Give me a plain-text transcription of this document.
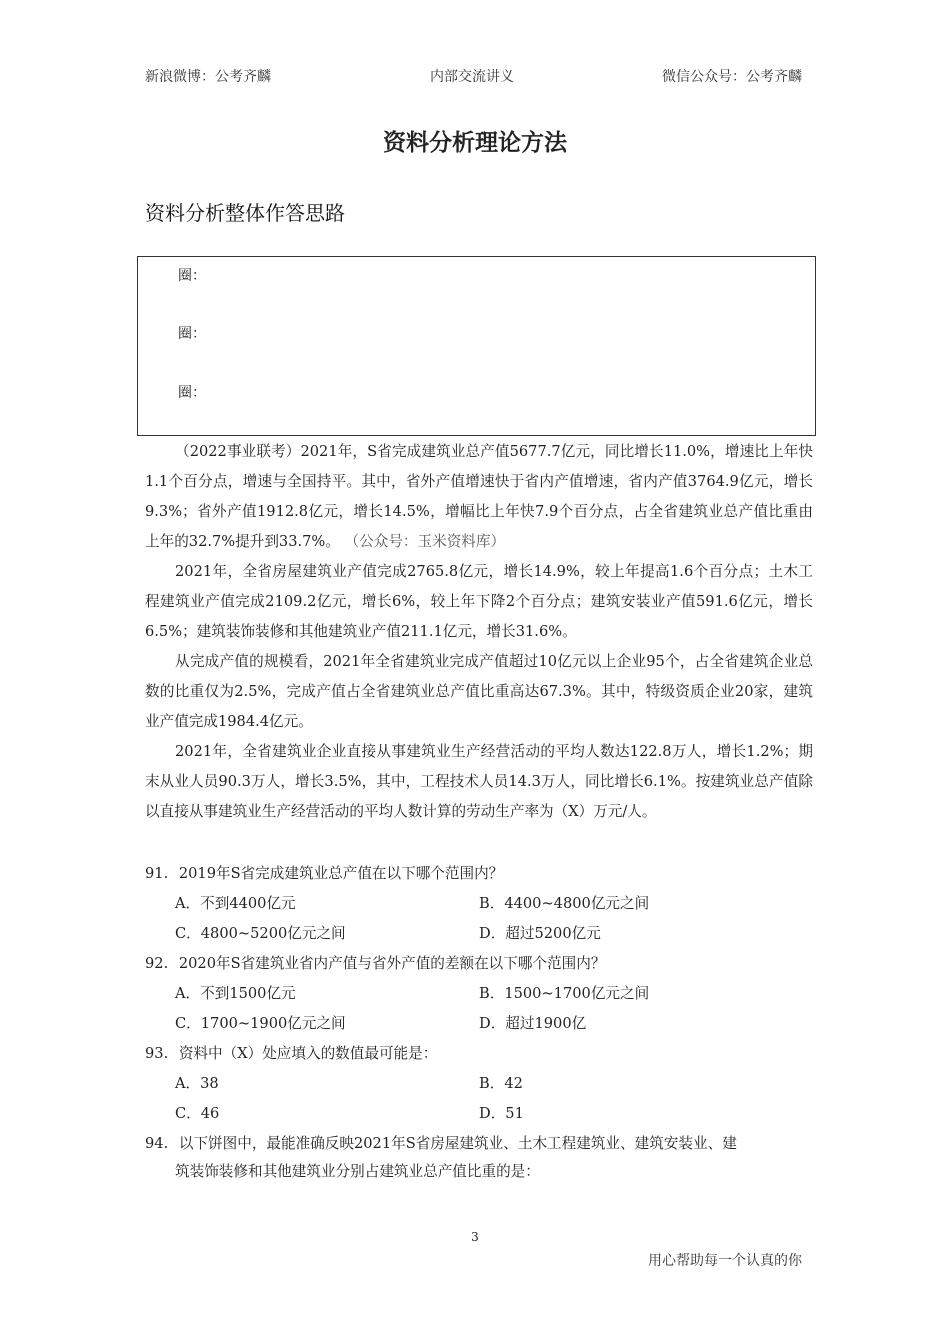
新浪微博：公考齐麟	内部交流讲义	微信公众号：公考齐麟
资料分析理论方法
资料分析整体作答思路
圈：
圈：
圈：
（2022事业联考）2021年，S省完成建筑业总产值5677.7亿元，同比增长11.0%，增速比上年快1.1个百分点，增速与全国持平。其中，省外产值增速快于省内产值增速，省内产值3764.9亿元，增长9.3%；省外产值1912.8亿元，增长14.5%，增幅比上年快7.9个百分点，占全省建筑业总产值比重由上年的32.7%提升到33.7%。 （公众号：玉米资料库）
2021年，全省房屋建筑业产值完成2765.8亿元，增长14.9%，较上年提高1.6个百分点；土木工程建筑业产值完成2109.2亿元，增长6%，较上年下降2个百分点；建筑安装业产值591.6亿元，增长6.5%；建筑装饰装修和其他建筑业产值211.1亿元，增长31.6%。
从完成产值的规模看，2021年全省建筑业完成产值超过10亿元以上企业95个，占全省建筑企业总数的比重仅为2.5%，完成产值占全省建筑业总产值比重高达67.3%。其中，特级资质企业20家，建筑业产值完成1984.4亿元。
2021年，全省建筑业企业直接从事建筑业生产经营活动的平均人数达122.8万人，增长1.2%；期末从业人员90.3万人，增长3.5%，其中，工程技术人员14.3万人，同比增长6.1%。按建筑业总产值除以直接从事建筑业生产经营活动的平均人数计算的劳动生产率为（X）万元/人。
91. 2019年S省完成建筑业总产值在以下哪个范围内？
A．不到4400亿元	B．4400~4800亿元之间
C．4800~5200亿元之间	D．超过5200亿元
92. 2020年S省建筑业省内产值与省外产值的差额在以下哪个范围内？
A．不到1500亿元	B．1500~1700亿元之间
C．1700~1900亿元之间	D．超过1900亿
93. 资料中（X）处应填入的数值最可能是：
A．38	B．42
C．46	D．51
94. 以下饼图中，最能准确反映2021年S省房屋建筑业、土木工程建筑业、建筑安装业、建
筑装饰装修和其他建筑业分别占建筑业总产值比重的是：
3
用心帮助每一个认真的你
